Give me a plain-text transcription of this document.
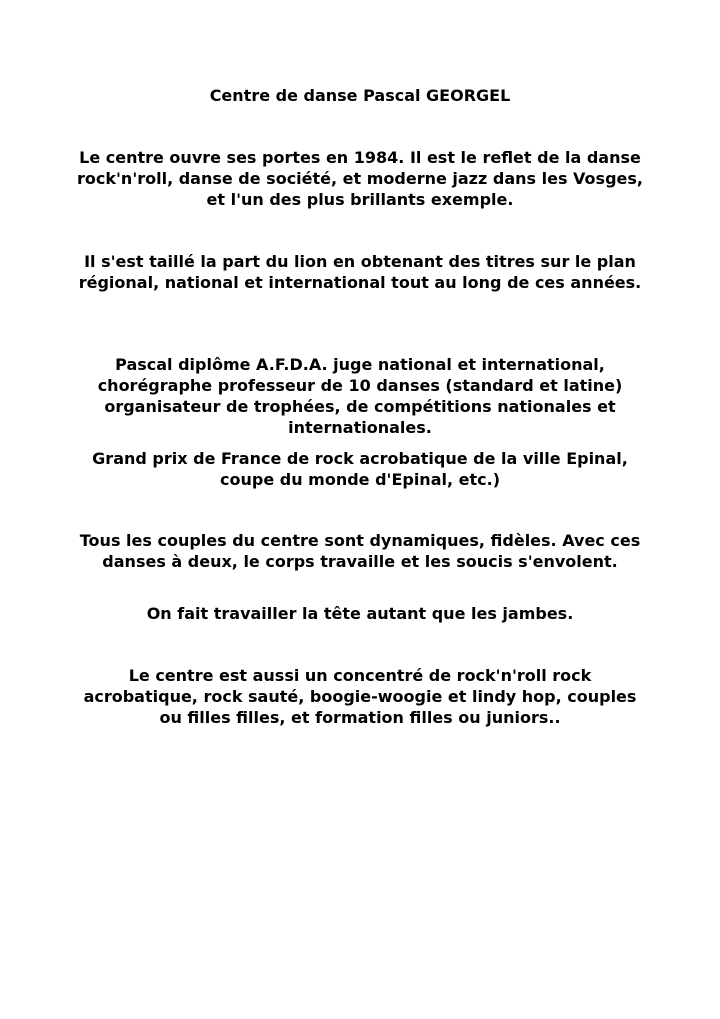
Centre de danse Pascal GEORGEL

Le centre ouvre ses portes en 1984. Il est le reflet de la danse rock'n'roll, danse de société, et moderne jazz dans les Vosges, et l'un des plus brillants exemple.

Il s'est taillé la part du lion en obtenant des titres sur le plan régional, national et international tout au long de ces années.

Pascal diplôme A.F.D.A. juge national et international, chorégraphe professeur de 10 danses (standard et latine) organisateur de trophées, de compétitions nationales et internationales.

Grand prix de France de rock acrobatique de la ville Epinal, coupe du monde d'Epinal, etc.)

Tous les couples du centre sont dynamiques, fidèles. Avec ces danses à deux, le corps travaille et les soucis s'envolent.

On fait travailler la tête autant que les jambes.

Le centre est aussi un concentré de rock'n'roll rock acrobatique, rock sauté, boogie-woogie et lindy hop, couples ou filles filles, et formation filles ou juniors..
